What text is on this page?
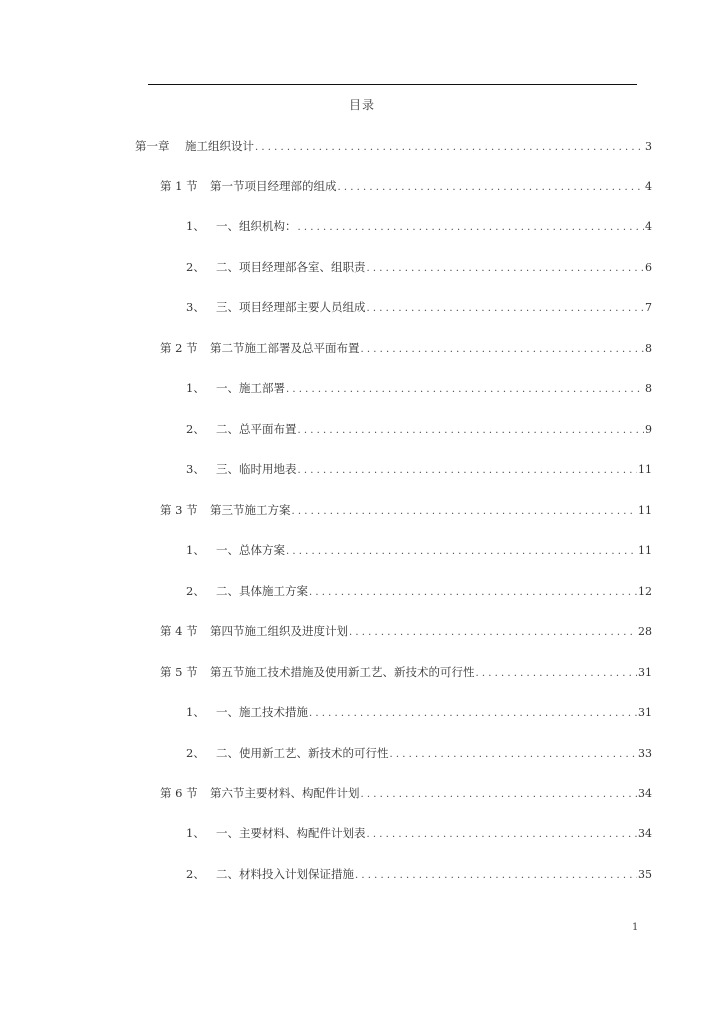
目录
第一章	施工组织设计 .....	3
第 1 节	第一节项目经理部的组成 .....	4
1、 一、组织机构： .....	4
2、 二、项目经理部各室、组职责 .....	6
3、 三、项目经理部主要人员组成 .....	7
第 2 节	第二节施工部署及总平面布置 .....	8
1、 一、施工部署 .....	8
2、 二、总平面布置 .....	9
3、 三、临时用地表 .....	11
第 3 节	第三节施工方案 .....	11
1、 一、总体方案 .....	11
2、 二、具体施工方案 .....	12
第 4 节	第四节施工组织及进度计划 .....	28
第 5 节	第五节施工技术措施及使用新工艺、新技术的可行性 .....	31
1、 一、施工技术措施 .....	31
2、 二、使用新工艺、新技术的可行性 .....	33
第 6 节	第六节主要材料、构配件计划 .....	34
1、 一、主要材料、构配件计划表 .....	34
2、 二、材料投入计划保证措施 .....	35
1
